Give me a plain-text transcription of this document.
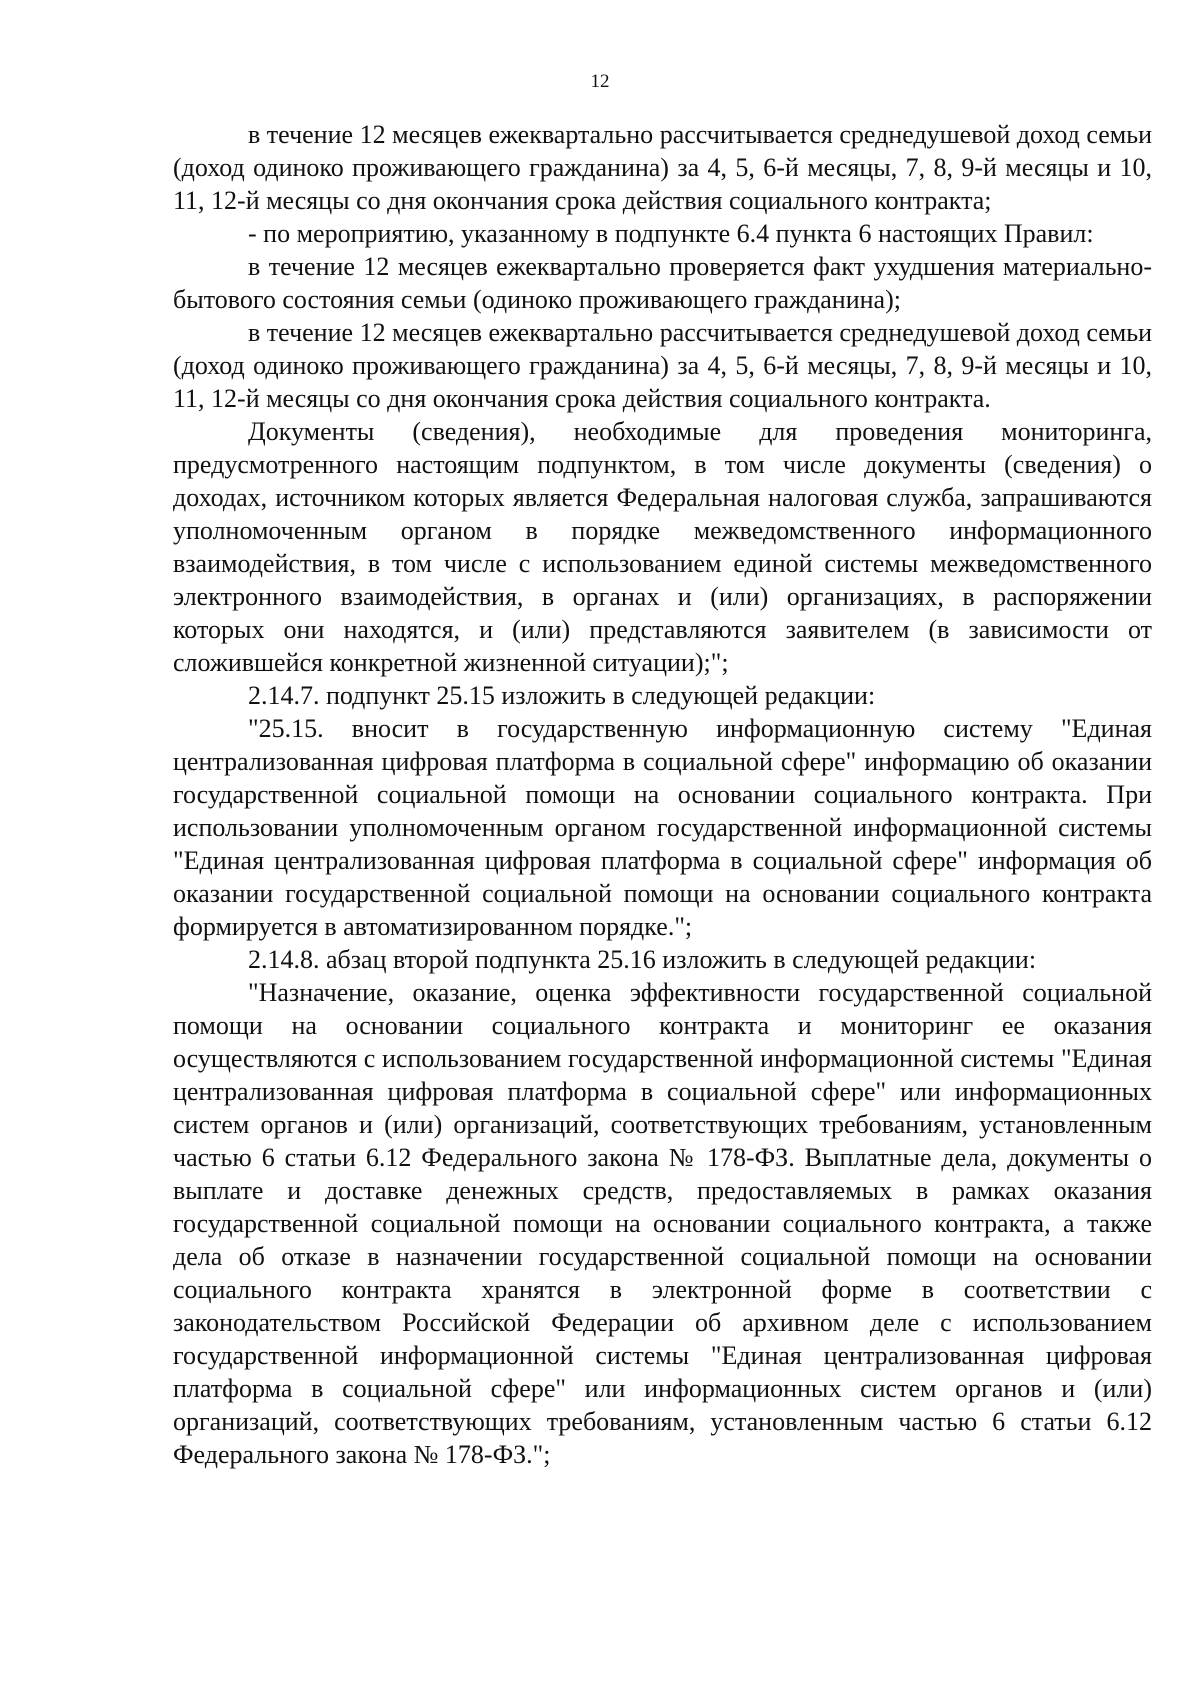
12

в течение 12 месяцев ежеквартально рассчитывается среднедушевой доход семьи (доход одиноко проживающего гражданина) за 4, 5, 6-й месяцы, 7, 8, 9-й месяцы и 10, 11, 12-й месяцы со дня окончания срока действия социального контракта;

- по мероприятию, указанному в подпункте 6.4 пункта 6 настоящих Правил:

в течение 12 месяцев ежеквартально проверяется факт ухудшения материально-бытового состояния семьи (одиноко проживающего гражданина);

в течение 12 месяцев ежеквартально рассчитывается среднедушевой доход семьи (доход одиноко проживающего гражданина) за 4, 5, 6-й месяцы, 7, 8, 9-й месяцы и 10, 11, 12-й месяцы со дня окончания срока действия социального контракта.

Документы (сведения), необходимые для проведения мониторинга, предусмотренного настоящим подпунктом, в том числе документы (сведения) о доходах, источником которых является Федеральная налоговая служба, запрашиваются уполномоченным органом в порядке межведомственного информационного взаимодействия, в том числе с использованием единой системы межведомственного электронного взаимодействия, в органах и (или) организациях, в распоряжении которых они находятся, и (или) представляются заявителем (в зависимости от сложившейся конкретной жизненной ситуации);";

2.14.7. подпункт 25.15 изложить в следующей редакции:

"25.15. вносит в государственную информационную систему "Единая централизованная цифровая платформа в социальной сфере" информацию об оказании государственной социальной помощи на основании социального контракта. При использовании уполномоченным органом государственной информационной системы "Единая централизованная цифровая платформа в социальной сфере" информация об оказании государственной социальной помощи на основании социального контракта формируется в автоматизированном порядке.";

2.14.8. абзац второй подпункта 25.16 изложить в следующей редакции:

"Назначение, оказание, оценка эффективности государственной социальной помощи на основании социального контракта и мониторинг ее оказания осуществляются с использованием государственной информационной системы "Единая централизованная цифровая платформа в социальной сфере" или информационных систем органов и (или) организаций, соответствующих требованиям, установленным частью 6 статьи 6.12 Федерального закона № 178-ФЗ. Выплатные дела, документы о выплате и доставке денежных средств, предоставляемых в рамках оказания государственной социальной помощи на основании социального контракта, а также дела об отказе в назначении государственной социальной помощи на основании социального контракта хранятся в электронной форме в соответствии с законодательством Российской Федерации об архивном деле с использованием государственной информационной системы "Единая централизованная цифровая платформа в социальной сфере" или информационных систем органов и (или) организаций, соответствующих требованиям, установленным частью 6 статьи 6.12 Федерального закона № 178-ФЗ.";
